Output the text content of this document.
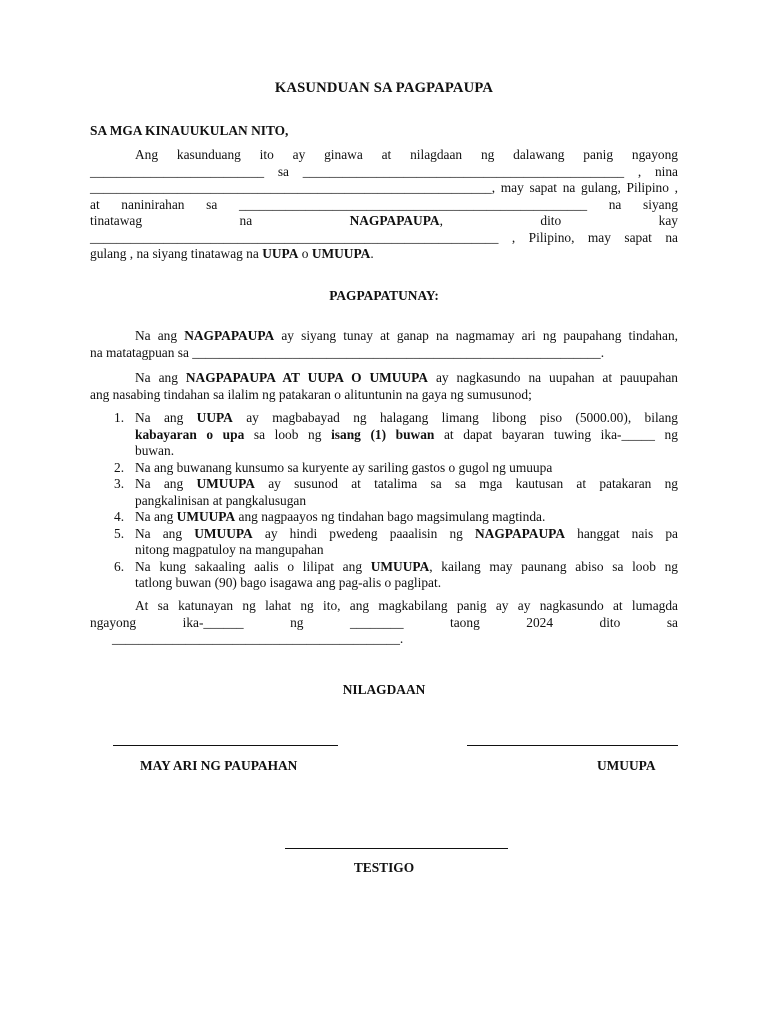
KASUNDUAN SA PAGPAPAUPA
SA MGA KINAUUKULAN NITO,
Ang kasunduang ito ay ginawa at nilagdaan ng dalawang panig ngayong
__________________________ sa ________________________________________________ , nina
____________________________________________________________, may sapat na gulang, Pilipino ,
at naninirahan sa ____________________________________________________ na siyang
tinatawag	na	NAGPAPAUPA,	dito	kay
_____________________________________________________________ , Pilipino, may sapat na
gulang , na siyang tinatawag na UUPA o UMUUPA.
PAGPAPATUNAY:
Na ang NAGPAPAUPA ay siyang tunay at ganap na nagmamay ari ng paupahang tindahan,
na matatagpuan sa _____________________________________________________________.
Na ang NAGPAPAUPA AT UUPA O UMUUPA ay nagkasundo na uupahan at pauupahan
ang nasabing tindahan sa ilalim ng patakaran o alituntunin na gaya ng sumusunod;
1. Na ang UUPA ay magbabayad ng halagang limang libong piso (5000.00), bilang
kabayaran o upa sa loob ng isang (1) buwan at dapat bayaran tuwing ika-_____ ng
buwan.
2. Na ang buwanang kunsumo sa kuryente ay sariling gastos o gugol ng umuupa
3. Na ang UMUUPA ay susunod at tatalima sa sa mga kautusan at patakaran ng
pangkalinisan at pangkalusugan
4. Na ang UMUUPA ang nagpaayos ng tindahan bago magsimulang magtinda.
5. Na ang UMUUPA ay hindi pwedeng paaalisin ng NAGPAPAUPA hanggat nais pa
nitong magpatuloy na mangupahan
6. Na kung sakaaling aalis o lilipat ang UMUUPA, kailang may paunang abiso sa loob ng
tatlong buwan (90) bago isagawa ang pag-alis o paglipat.
At sa katunayan ng lahat ng ito, ang magkabilang panig ay ay nagkasundo at lumagda
ngayong	ika-______	ng	________	taong	2024	dito	sa
___________________________________________.
NILAGDAAN
MAY ARI NG PAUPAHAN	UMUUPA
TESTIGO
